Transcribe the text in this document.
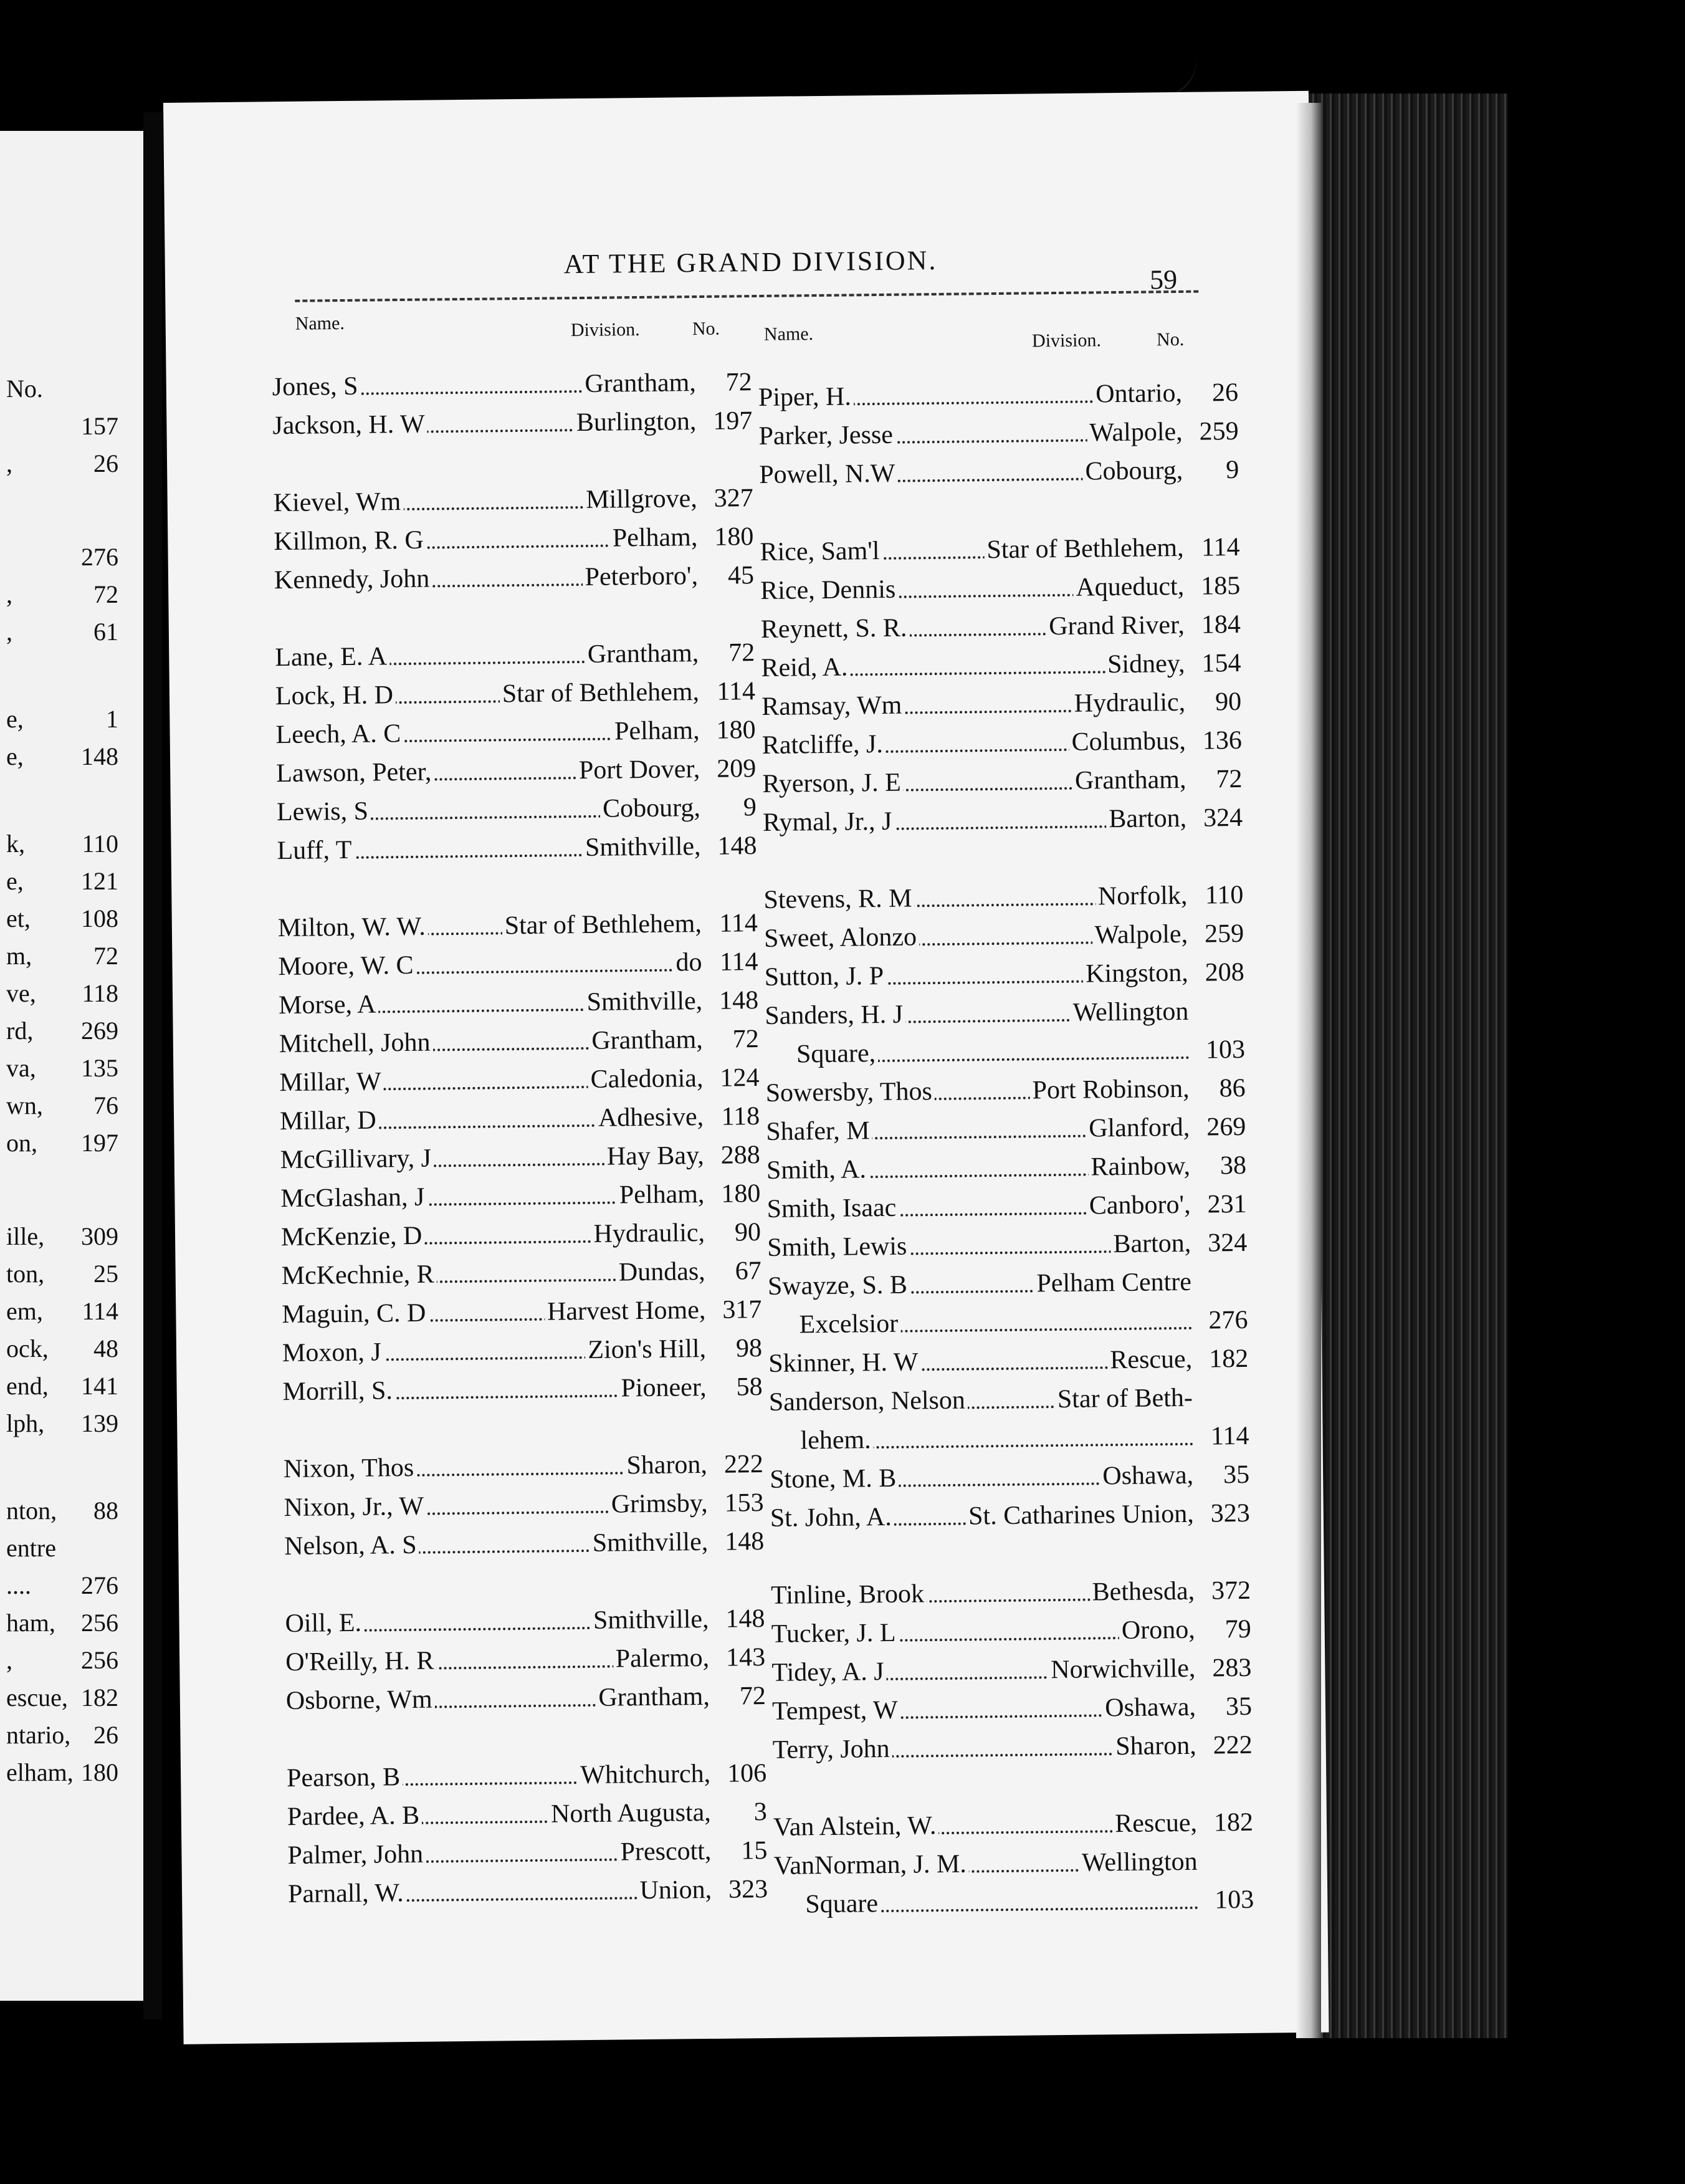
No.
157
,	26
276
,	72
,	61
e,	1
e, 148
k, 110
e, 121
et, 108
m, 72
ve, 118
rd, 269
va, 135
wn, 76
on, 197
ille, 309
ton, 25
em, 114
ock, 48
end, 141
lph, 139
nton, 88
entre
.... 276
ham, 256
,	256
escue, 182
ntario, 26
elham, 180
AT THE GRAND DIVISION.
59
Name.	Division.	No. Name.	Division.	No.
Jones, S	Grantham,	72
Jackson, H. W	Burlington, 197
Kievel, Wm	Millgrove, 327
Killmon, R. G	Pelham, 180
Kennedy, John	Peterboro',	45
Lane, E. A	Grantham,	72
Lock, H. D	Star of Bethlehem, 114
Leech, A. C	Pelham, 180
Lawson, Peter,	Port Dover, 209
Lewis, S	Cobourg,	9
Luff, T	Smithville, 148
Milton, W. W.	Star of Bethlehem, 114
Moore, W. C	do 114
Morse, A	Smithville, 148
Mitchell, John	Grantham,	72
Millar, W	Caledonia, 124
Millar, D	Adhesive, 118
McGillivary, J	Hay Bay, 288
McGlashan, J	Pelham, 180
McKenzie, D	Hydraulic,	90
McKechnie, R	Dundas,	67
Maguin, C. D	Harvest Home, 317
Moxon, J	Zion's Hill,	98
Morrill, S.	Pioneer,	58
Nixon, Thos	Sharon, 222
Nixon, Jr., W	Grimsby, 153
Nelson, A. S	Smithville, 148
Oill, E.	Smithville, 148
O'Reilly, H. R	Palermo, 143
Osborne, Wm	Grantham,	72
Pearson, B	Whitchurch, 106
Pardee, A. B	North Augusta,	3
Palmer, John	Prescott,	15
Parnall, W.	Union, 323
Piper, H.	Ontario,	26
Parker, Jesse	Walpole, 259
Powell, N.W	Cobourg,	9
Rice, Sam'l	Star of Bethlehem, 114
Rice, Dennis	Aqueduct, 185
Reynett, S. R.	Grand River, 184
Reid, A.	Sidney, 154
Ramsay, Wm	Hydraulic,	90
Ratcliffe, J.	Columbus, 136
Ryerson, J. E	Grantham,	72
Rymal, Jr., J	Barton, 324
Stevens, R. M	Norfolk, 110
Sweet, Alonzo	Walpole, 259
Sutton, J. P	Kingston, 208
Sanders, H. J	Wellington
Square,	103
Sowersby, Thos	Port Robinson,	86
Shafer, M	Glanford, 269
Smith, A.	Rainbow,	38
Smith, Isaac	Canboro', 231
Smith, Lewis	Barton, 324
Swayze, S. B	Pelham Centre
Excelsior	276
Skinner, H. W	Rescue, 182
Sanderson, Nelson	Star of Beth-
lehem.	114
Stone, M. B	Oshawa,	35
St. John, A.	St. Catharines Union, 323
Tinline, Brook	Bethesda, 372
Tucker, J. L	Orono,	79
Tidey, A. J	Norwichville, 283
Tempest, W	Oshawa,	35
Terry, John	Sharon, 222
Van Alstein, W.	Rescue, 182
VanNorman, J. M.	Wellington
Square	103
